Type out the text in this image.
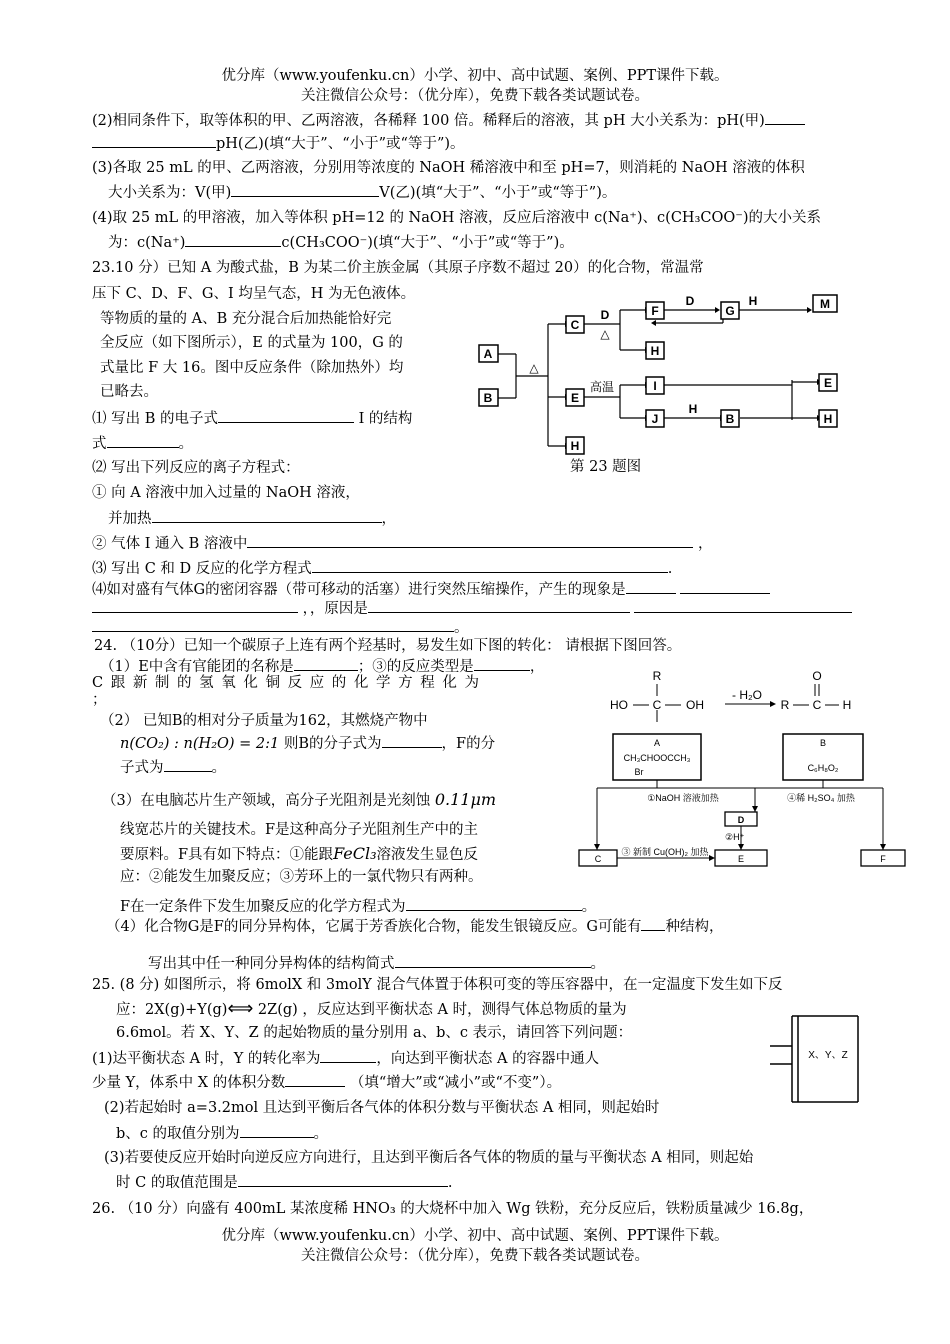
优分库（www.youfenku.cn）小学、初中、高中试题、案例、PPT课件下载。
关注微信公众号：（优分库），免费下载各类试题试卷。
(2)相同条件下，取等体积的甲、乙两溶液，各稀释 100 倍。稀释后的溶液，其 pH 大小关系为：pH(甲)
pH(乙)(填“大于”、“小于”或“等于”)。
(3)各取 25 mL 的甲、乙两溶液，分别用等浓度的 NaOH 稀溶液中和至 pH=7，则消耗的 NaOH 溶液的体积
大小关系为：V(甲)	V(乙)(填“大于”、“小于”或“等于”)。
(4)取 25 mL 的甲溶液，加入等体积 pH=12 的 NaOH 溶液，反应后溶液中 c(Na⁺)、c(CH₃COO⁻)的大小关系
为：c(Na⁺)	c(CH₃COO⁻)(填“大于”、“小于”或“等于”)。
23.10 分）已知 A 为酸式盐，B 为某二价主族金属（其原子序数不超过 20）的化合物，常温常
压下 C、D、F、G、I 均呈气态，H 为无色液体。
等物质的量的 A、B 充分混合后加热能恰好完
全反应（如下图所示），E 的式量为 100，G 的
式量比 F 大 16。图中反应条件（除加热外）均
已略去。
⑴ 写出 B 的电子式	I 的结构
式	。
⑵ 写出下列反应的离子方程式：
① 向 A 溶液中加入过量的 NaOH 溶液，
并加热	，
② 气体 I 通入 B 溶液中	，
⑶ 写出 C 和 D 反应的化学方程式	.
⑷如对盛有气体G的密闭容器（带可移动的活塞）进行突然压缩操作，产生的现象是
，，原因是
。
A
B
C
E
H
F
H
G	M
I
J	B
E
H
△
D
△
D	H
高温
H
第 23 题图
24. （10分）已知一个碳原子上连有两个羟基时，易发生如下图的转化： 请根据下图回答。
（1）E中含有官能团的名称是	；③的反应类型是	，
C 跟 新 制 的 氢 氧 化 铜 反 应 的 化 学 方 程 化 为
；
（2） 已知B的相对分子质量为162，其燃烧产物中
n(CO₂) : n(H₂O) = 2:1 则B的分子式为	，F的分
子式为	。
（3）在电脑芯片生产领域，高分子光阻剂是光刻蚀 0.11μm
线宽芯片的关键技术。F是这种高分子光阻剂生产中的主
要原料。F具有如下特点：①能跟FeCl₃溶液发生显色反
应：②能发生加聚反应；③芳环上的一氯代物只有两种。
F在一定条件下发生加聚反应的化学方程式为	。
（4）化合物G是F的同分异构体，它属于芳香族化合物，能发生银镜反应。G可能有 种结构，
写出其中任一种同分异构体的结构简式	。
R
HO C OH
- H₂O
R C
O
H
A
CH₃CHOOCCH₃
Br
B
C₆H₈O₂
①NaOH 溶液加热	④稀 H₂SO₄ 加热
D
②H⁺
③ 新制 Cu(OH)₂ 加热
C	E	F
25. (8 分) 如图所示，将 6molX 和 3molY 混合气体置于体积可变的等压容器中，在一定温度下发生如下反
应：2X(g)+Y(g)⟺ 2Z(g) ，反应达到平衡状态 A 时，测得气体总物质的量为
6.6mol。若 X、Y、Z 的起始物质的量分别用 a、b、c 表示，请回答下列问题：
(1)达平衡状态 A 时，Y 的转化率为	，向达到平衡状态 A 的容器中通人
少量 Y，体系中 X 的体积分数	（填“增大”或“减小”或“不变”）。
(2)若起始时 a=3.2mol 且达到平衡后各气体的体积分数与平衡状态 A 相同，则起始时
b、c 的取值分别为	。
(3)若要使反应开始时向逆反应方向进行，且达到平衡后各气体的物质的量与平衡状态 A 相同，则起始
时 C 的取值范围是	.
X、Y、Z
26. （10 分）向盛有 400mL 某浓度稀 HNO₃ 的大烧杯中加入 Wg 铁粉，充分反应后，铁粉质量减少 16.8g，
优分库（www.youfenku.cn）小学、初中、高中试题、案例、PPT课件下载。
关注微信公众号：（优分库），免费下载各类试题试卷。
